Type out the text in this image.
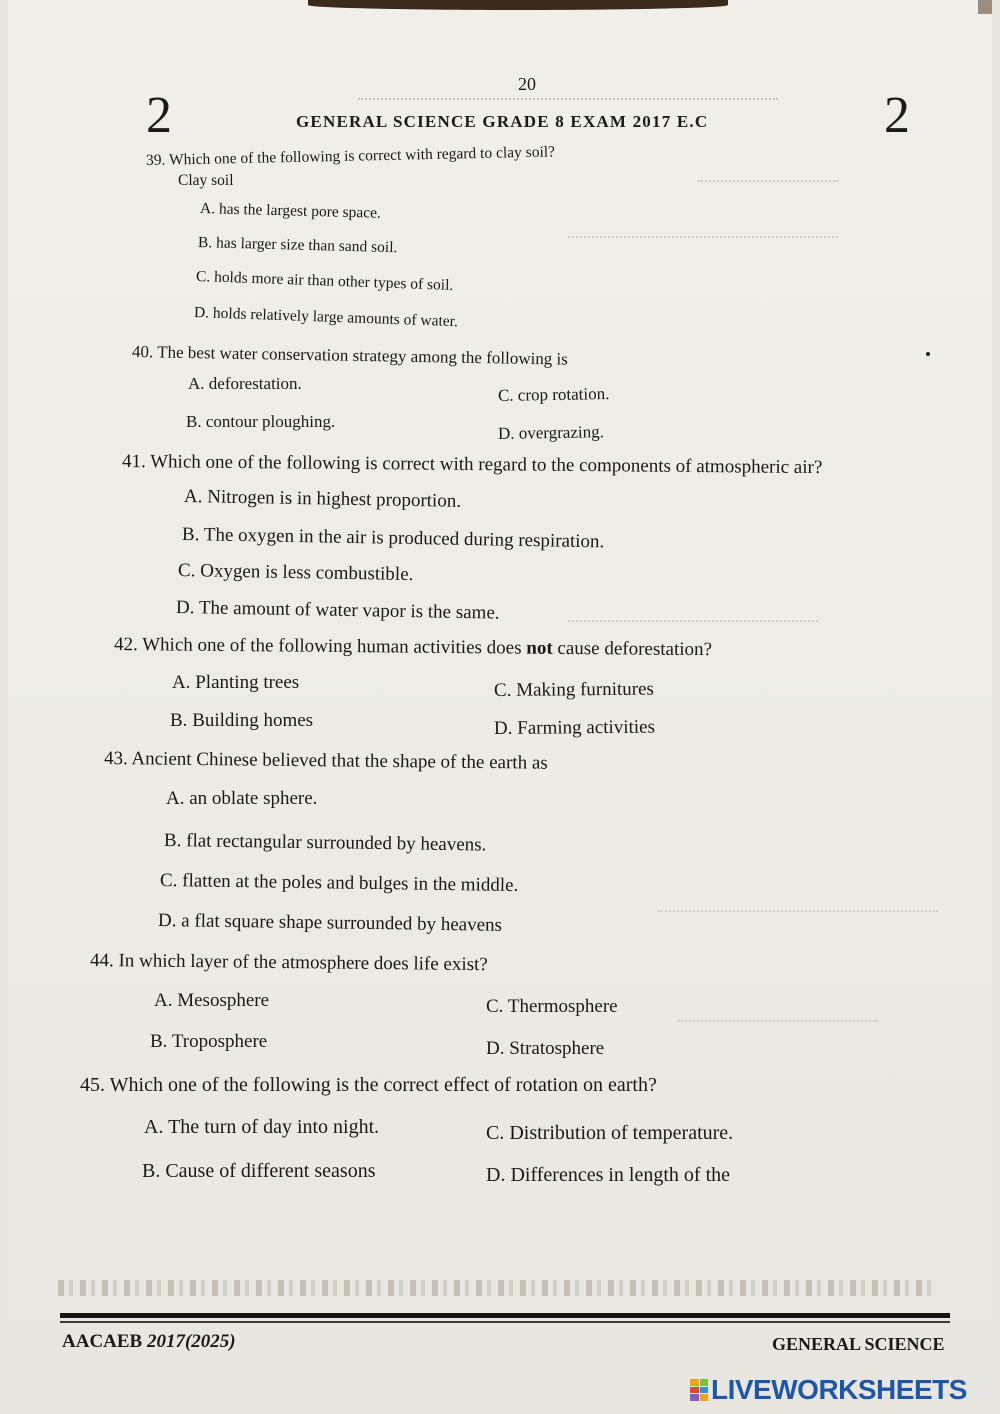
20
2	2
GENERAL SCIENCE GRADE 8 EXAM 2017 E.C
39. Which one of the following is correct with regard to clay soil?
Clay soil
A. has the largest pore space.
B. has larger size than sand soil.
C. holds more air than other types of soil.
D. holds relatively large amounts of water.
40. The best water conservation strategy among the following is
A. deforestation.
B. contour ploughing.
C. crop rotation.
D. overgrazing.
41. Which one of the following is correct with regard to the components of atmospheric air?
A. Nitrogen is in highest proportion.
B. The oxygen in the air is produced during respiration.
C. Oxygen is less combustible.
D. The amount of water vapor is the same.
42. Which one of the following human activities does not cause deforestation?
A. Planting trees
B. Building homes
C. Making furnitures
D. Farming activities
43. Ancient Chinese believed that the shape of the earth as
A. an oblate sphere.
B. flat rectangular surrounded by heavens.
C. flatten at the poles and bulges in the middle.
D. a flat square shape surrounded by heavens
44. In which layer of the atmosphere does life exist?
A. Mesosphere
B. Troposphere
C. Thermosphere
D. Stratosphere
45. Which one of the following is the correct effect of rotation on earth?
A. The turn of day into night.
B. Cause of different seasons
C. Distribution of temperature.
D. Differences in length of the
AACAEB 2017(2025)	GENERAL SCIENCE
LIVEWORKSHEETS
